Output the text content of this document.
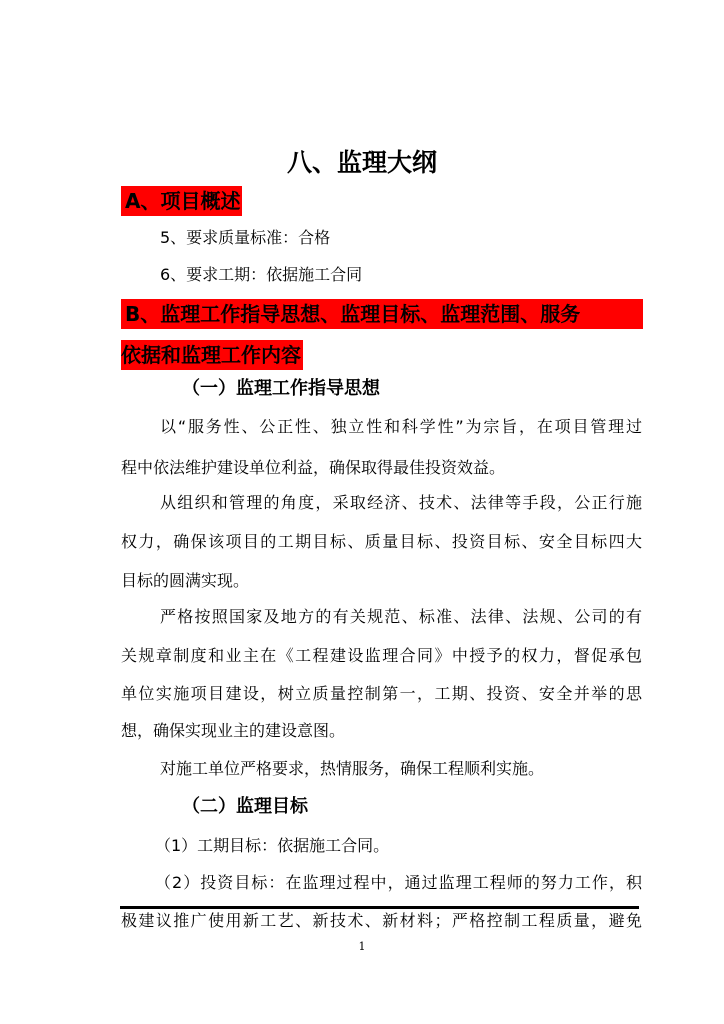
八、监理大纲
A、项目概述
5、要求质量标准：合格
6、要求工期：依据施工合同
B、监理工作指导思想、监理目标、监理范围、服务
依据和监理工作内容
（一）监理工作指导思想
以“服务性、公正性、独立性和科学性”为宗旨，在项目管理过
程中依法维护建设单位利益，确保取得最佳投资效益。
从组织和管理的角度，采取经济、技术、法律等手段，公正行施
权力，确保该项目的工期目标、质量目标、投资目标、安全目标四大
目标的圆满实现。
严格按照国家及地方的有关规范、标准、法律、法规、公司的有
关规章制度和业主在《工程建设监理合同》中授予的权力，督促承包
单位实施项目建设，树立质量控制第一，工期、投资、安全并举的思
想，确保实现业主的建设意图。
对施工单位严格要求，热情服务，确保工程顺利实施。
（二）监理目标
（1）工期目标：依据施工合同。
（2）投资目标：在监理过程中，通过监理工程师的努力工作，积
极建议推广使用新工艺、新技术、新材料；严格控制工程质量，避免
1
